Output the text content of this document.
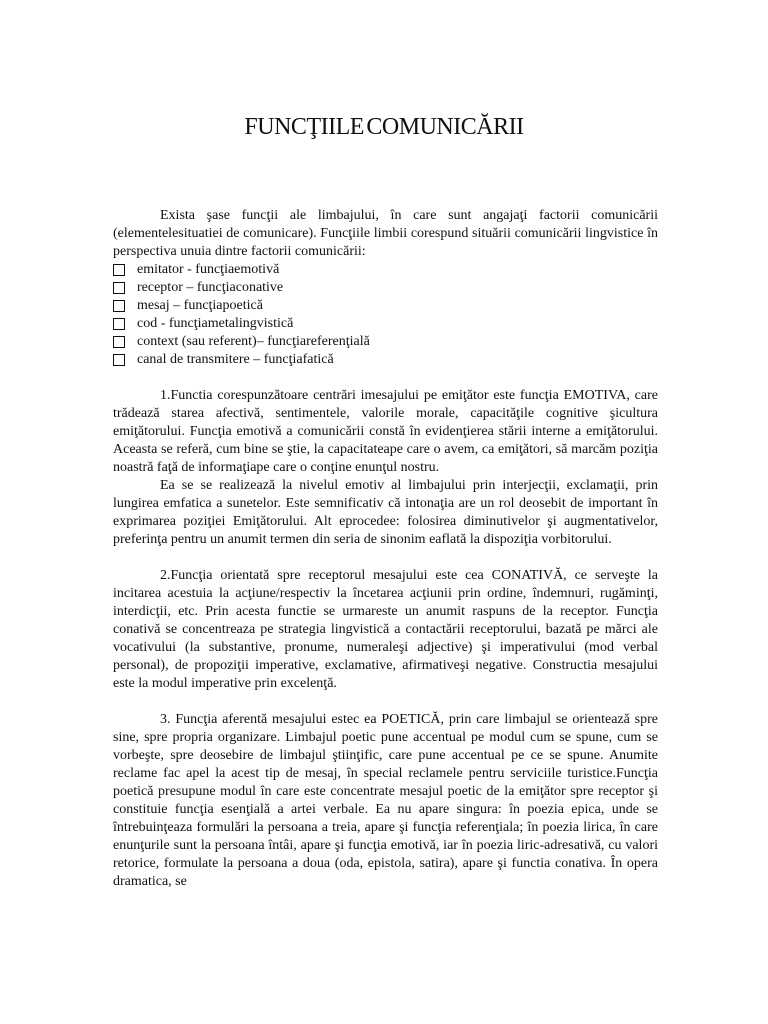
FUNCŢIILE COMUNICĂRII

Exista şase funcţii ale limbajului, în care sunt angajaţi factorii comunicării (elementelesituatiei de comunicare). Funcţiile limbii corespund situării comunicării lingvistice în perspectiva unuia dintre factorii comunicării:

emitator - funcţiaemotivă
receptor – funcţiaconative
mesaj – funcţiapoetică
cod - funcţiametalingvistică
context (sau referent)– funcţiareferenţială
canal de transmitere – funcţiafatică

1.Functia corespunzătoare centrări imesajului pe emiţător este funcţia EMOTIVA, care trădează starea afectivă, sentimentele, valorile morale, capacităţile cognitive şicultura emiţătorului. Funcţia emotivă a comunicării constă în evidenţierea stării interne a emiţătorului. Aceasta se referă, cum bine se ştie, la capacitateape care o avem, ca emiţători, să marcăm poziţia noastră faţă de informaţiape care o conţine enunţul nostru.

Ea se se realizează la nivelul emotiv al limbajului prin interjecţii, exclamaţii, prin lungirea emfatica a sunetelor. Este semnificativ că intonaţia are un rol deosebit de important în exprimarea poziţiei Emiţătorului. Alt eprocedee: folosirea diminutivelor şi augmentativelor, preferinţa pentru un anumit termen din seria de sinonim eaflată la dispoziţia vorbitorului.

2.Funcţia orientată spre receptorul mesajului este cea CONATIVĂ, ce serveşte la incitarea acestuia la acţiune/respectiv la încetarea acţiunii prin ordine, îndemnuri, rugăminţi, interdicţii, etc. Prin acesta functie se urmareste un anumit raspuns de la receptor. Funcţia conativă se concentreaza pe strategia lingvistică a contactării receptorului, bazată pe mărci ale vocativului (la substantive, pronume, numeraleşi adjective) şi imperativului (mod verbal personal), de propoziţii imperative, exclamative, afirmativeşi negative. Constructia mesajului este la modul imperative prin excelenţă.

3. Funcţia aferentă mesajului estec ea POETICĂ, prin care limbajul se orientează spre sine, spre propria organizare. Limbajul poetic pune accentual pe modul cum se spune, cum se vorbeşte, spre deosebire de limbajul ştiinţific, care pune accentual pe ce se spune. Anumite reclame fac apel la acest tip de mesaj, în special reclamele pentru serviciile turistice.Funcţia poetică presupune modul în care este concentrate mesajul poetic de la emiţător spre receptor şi constituie funcţia esenţială a artei verbale. Ea nu apare singura: în poezia epica, unde se întrebuinţeaza formulări la persoana a treia, apare şi funcţia referenţiala; în poezia lirica, în care enunţurile sunt la persoana întâi, apare şi funcţia emotivă, iar în poezia liric-adresativă, cu valori retorice, formulate la persoana a doua (oda, epistola, satira), apare şi functia conativa. În opera dramatica, se
